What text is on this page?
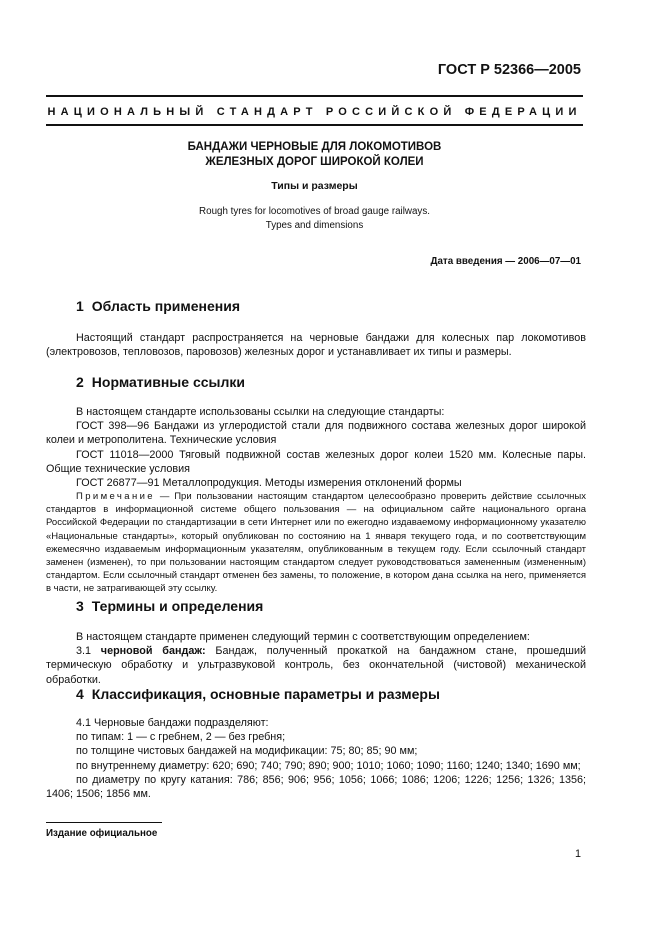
ГОСТ Р 52366—2005
НАЦИОНАЛЬНЫЙ СТАНДАРТ РОССИЙСКОЙ ФЕДЕРАЦИИ
БАНДАЖИ ЧЕРНОВЫЕ ДЛЯ ЛОКОМОТИВОВ
ЖЕЛЕЗНЫХ ДОРОГ ШИРОКОЙ КОЛЕИ
Типы и размеры
Rough tyres for locomotives of broad gauge railways.
Types and dimensions
Дата введения — 2006—07—01
1 Область применения

Настоящий стандарт распространяется на черновые бандажи для колесных пар локомотивов (электровозов, тепловозов, паровозов) железных дорог и устанавливает их типы и размеры.

2 Нормативные ссылки

В настоящем стандарте использованы ссылки на следующие стандарты:

ГОСТ 398—96 Бандажи из углеродистой стали для подвижного состава железных дорог широкой колеи и метрополитена. Технические условия

ГОСТ 11018—2000 Тяговый подвижной состав железных дорог колеи 1520 мм. Колесные пары. Общие технические условия

ГОСТ 26877—91 Металлопродукция. Методы измерения отклонений формы

Примечание — При пользовании настоящим стандартом целесообразно проверить действие ссылочных стандартов в информационной системе общего пользования — на официальном сайте национального органа Российской Федерации по стандартизации в сети Интернет или по ежегодно издаваемому информационному указателю «Национальные стандарты», который опубликован по состоянию на 1 января текущего года, и по соответствующим ежемесячно издаваемым информационным указателям, опубликованным в текущем году. Если ссылочный стандарт заменен (изменен), то при пользовании настоящим стандартом следует руководствоваться замененным (измененным) стандартом. Если ссылочный стандарт отменен без замены, то положение, в котором дана ссылка на него, применяется в части, не затрагивающей эту ссылку.

3 Термины и определения

В настоящем стандарте применен следующий термин с соответствующим определением:

3.1 черновой бандаж: Бандаж, полученный прокаткой на бандажном стане, прошедший термическую обработку и ультразвуковой контроль, без окончательной (чистовой) механической обработки.

4 Классификация, основные параметры и размеры

4.1 Черновые бандажи подразделяют:

по типам: 1 — с гребнем, 2 — без гребня;

по толщине чистовых бандажей на модификации: 75; 80; 85; 90 мм;

по внутреннему диаметру: 620; 690; 740; 790; 890; 900; 1010; 1060; 1090; 1160; 1240; 1340; 1690 мм;

по диаметру по кругу катания: 786; 856; 906; 956; 1056; 1066; 1086; 1206; 1226; 1256; 1326; 1356; 1406; 1506; 1856 мм.

Издание официальное
1
